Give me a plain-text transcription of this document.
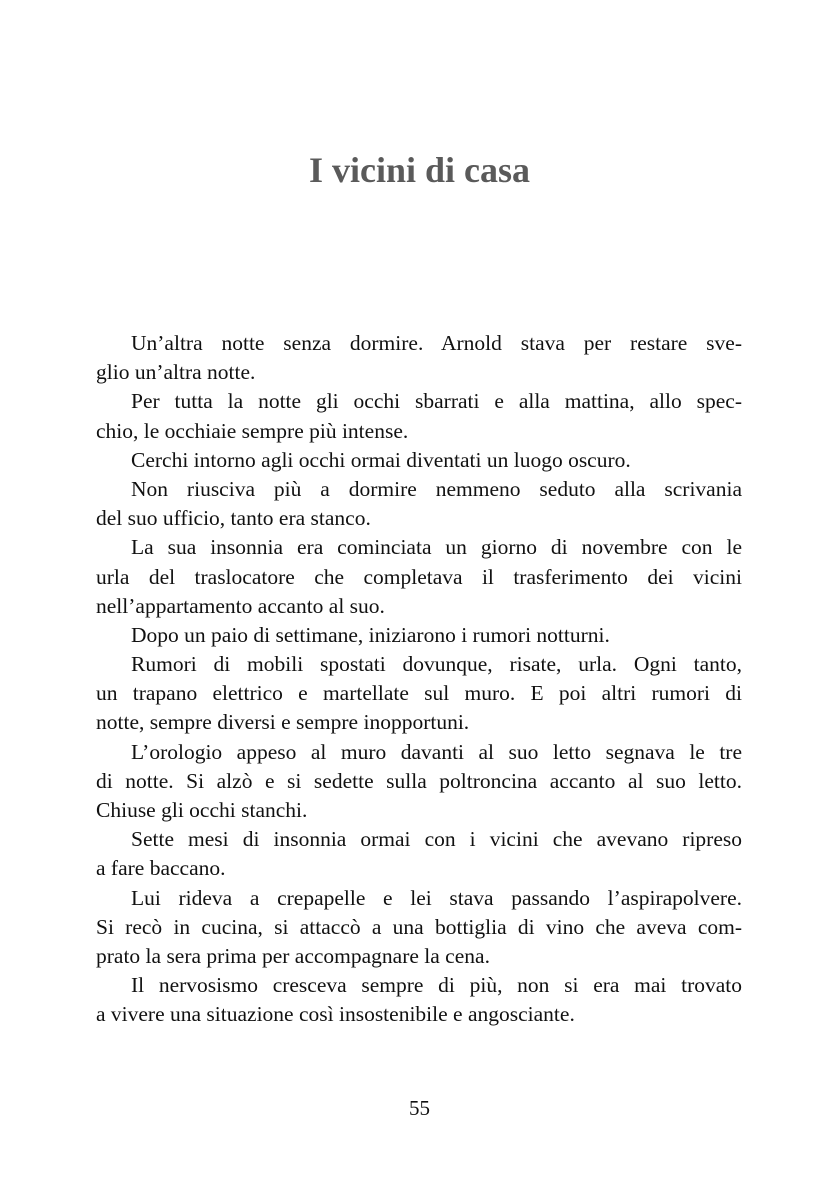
I vicini di casa
Un’altra notte senza dormire. Arnold stava per restare sve-
glio un’altra notte.
Per tutta la notte gli occhi sbarrati e alla mattina, allo spec-
chio, le occhiaie sempre più intense.
Cerchi intorno agli occhi ormai diventati un luogo oscuro.
Non riusciva più a dormire nemmeno seduto alla scrivania
del suo ufficio, tanto era stanco.
La sua insonnia era cominciata un giorno di novembre con le
urla del traslocatore che completava il trasferimento dei vicini
nell’appartamento accanto al suo.
Dopo un paio di settimane, iniziarono i rumori notturni.
Rumori di mobili spostati dovunque, risate, urla. Ogni tanto,
un trapano elettrico e martellate sul muro. E poi altri rumori di
notte, sempre diversi e sempre inopportuni.
L’orologio appeso al muro davanti al suo letto segnava le tre
di notte. Si alzò e si sedette sulla poltroncina accanto al suo letto.
Chiuse gli occhi stanchi.
Sette mesi di insonnia ormai con i vicini che avevano ripreso
a fare baccano.
Lui rideva a crepapelle e lei stava passando l’aspirapolvere.
Si recò in cucina, si attaccò a una bottiglia di vino che aveva com-
prato la sera prima per accompagnare la cena.
Il nervosismo cresceva sempre di più, non si era mai trovato
a vivere una situazione così insostenibile e angosciante.
55
